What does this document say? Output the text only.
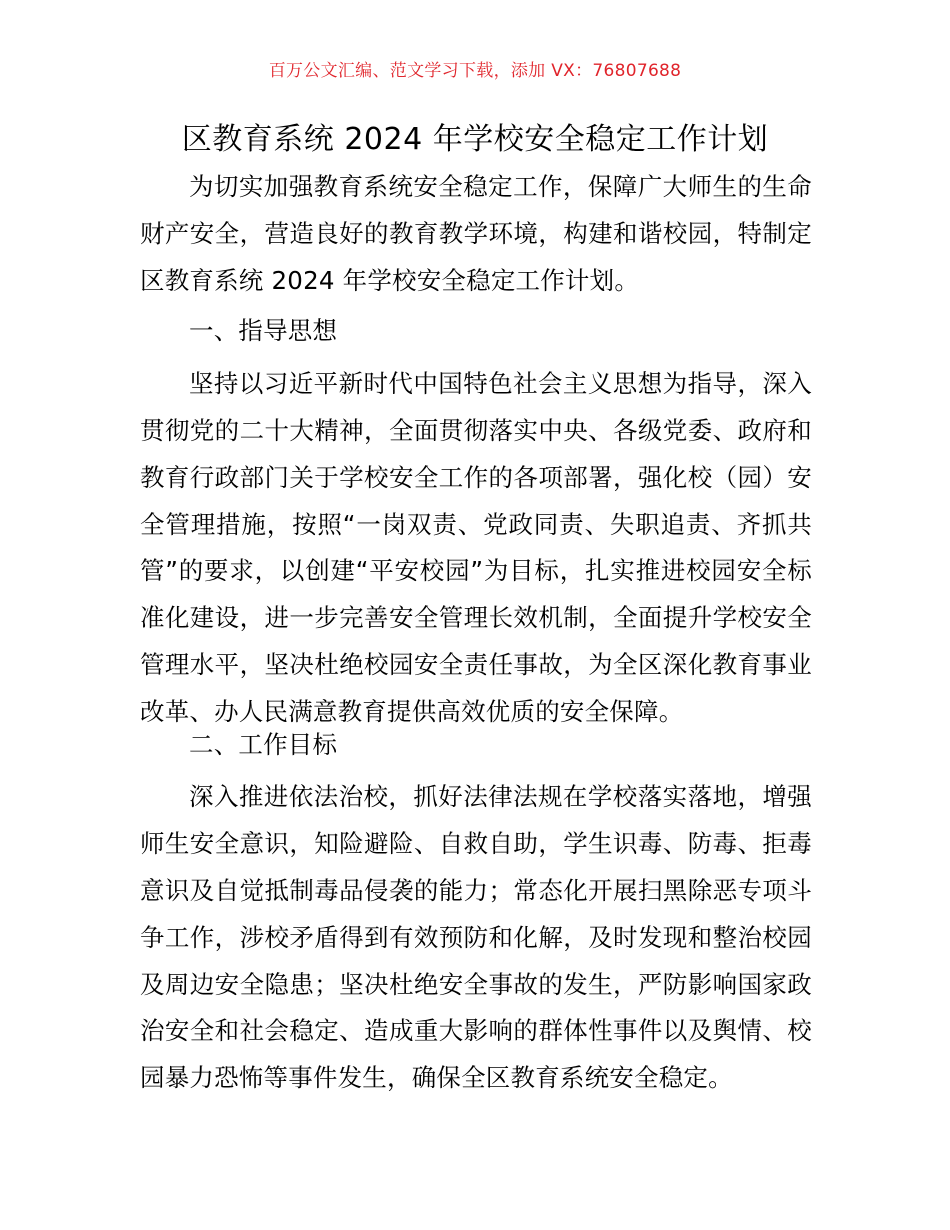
百万公文汇编、范文学习下载，添加 VX：76807688
区教育系统 2024 年学校安全稳定工作计划

为切实加强教育系统安全稳定工作，保障广大师生的生命财产安全，营造良好的教育教学环境，构建和谐校园，特制定区教育系统 2024 年学校安全稳定工作计划。

一、指导思想

坚持以习近平新时代中国特色社会主义思想为指导，深入贯彻党的二十大精神，全面贯彻落实中央、各级党委、政府和教育行政部门关于学校安全工作的各项部署，强化校（园）安全管理措施，按照“一岗双责、党政同责、失职追责、齐抓共管”的要求，以创建“平安校园”为目标，扎实推进校园安全标准化建设，进一步完善安全管理长效机制，全面提升学校安全管理水平，坚决杜绝校园安全责任事故，为全区深化教育事业改革、办人民满意教育提供高效优质的安全保障。

二、工作目标

深入推进依法治校，抓好法律法规在学校落实落地，增强师生安全意识，知险避险、自救自助，学生识毒、防毒、拒毒意识及自觉抵制毒品侵袭的能力；常态化开展扫黑除恶专项斗争工作，涉校矛盾得到有效预防和化解，及时发现和整治校园及周边安全隐患；坚决杜绝安全事故的发生，严防影响国家政治安全和社会稳定、造成重大影响的群体性事件以及舆情、校园暴力恐怖等事件发生，确保全区教育系统安全稳定。
